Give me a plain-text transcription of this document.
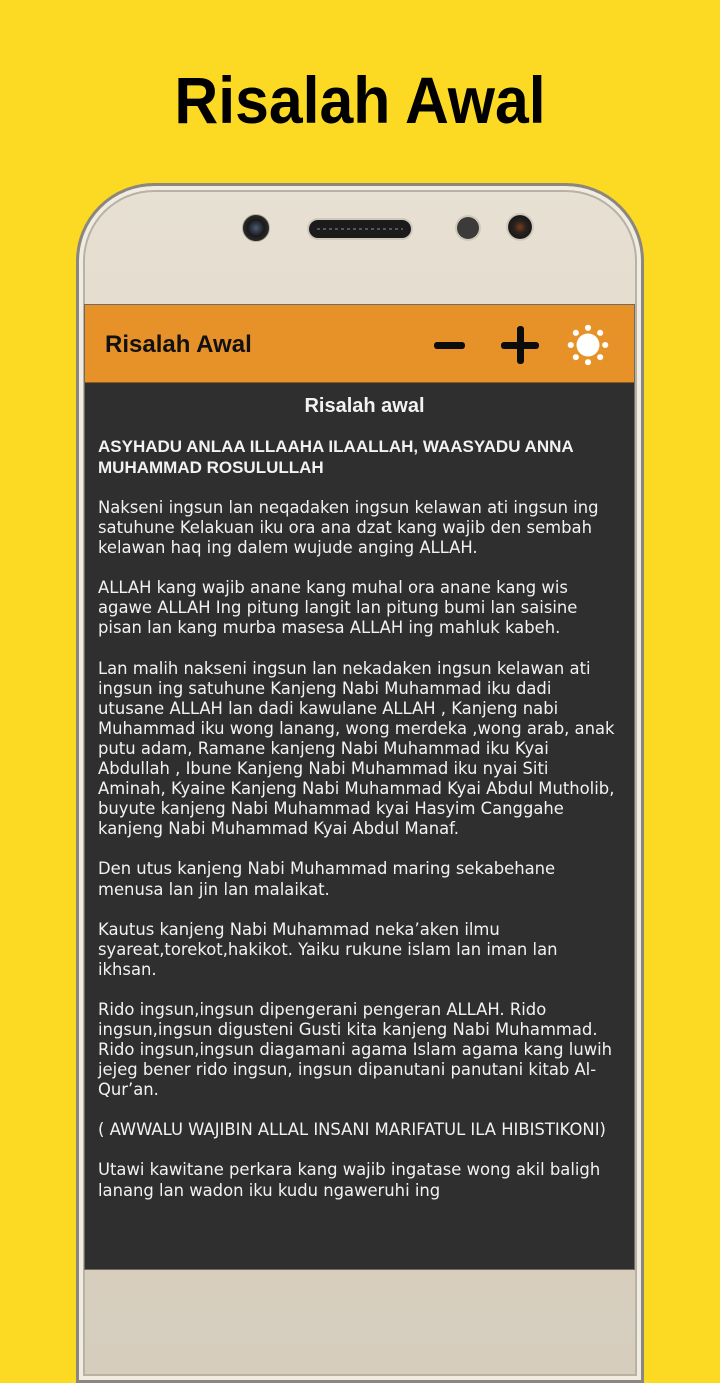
Risalah Awal
Risalah Awal
Risalah awal
ASYHADU ANLAA ILLAAHA ILAALLAH, WAASYADU ANNA MUHAMMAD ROSULULLAH
Nakseni ingsun lan neqadaken ingsun kelawan ati ingsun ing satuhune Kelakuan iku ora ana dzat kang wajib den sembah kelawan haq ing dalem wujude anging ALLAH.
ALLAH kang wajib anane kang muhal ora anane kang wis agawe ALLAH Ing pitung langit lan pitung bumi lan saisine pisan lan kang murba masesa ALLAH ing mahluk kabeh.
Lan malih nakseni ingsun lan nekadaken ingsun kelawan ati ingsun ing satuhune Kanjeng Nabi Muhammad iku dadi utusane ALLAH lan dadi kawulane ALLAH , Kanjeng nabi Muhammad iku wong lanang, wong merdeka ,wong arab, anak putu adam, Ramane kanjeng Nabi Muhammad iku Kyai Abdullah , Ibune Kanjeng Nabi Muhammad iku nyai Siti Aminah, Kyaine Kanjeng Nabi Muhammad Kyai Abdul Mutholib, buyute kanjeng Nabi Muhammad kyai Hasyim Canggahe kanjeng Nabi Muhammad Kyai Abdul Manaf.
Den utus kanjeng Nabi Muhammad maring sekabehane menusa lan jin lan malaikat.
Kautus kanjeng Nabi Muhammad neka’aken ilmu syareat,torekot,hakikot. Yaiku rukune islam lan iman lan ikhsan.
Rido ingsun,ingsun dipengerani pengeran ALLAH. Rido ingsun,ingsun digusteni Gusti kita kanjeng Nabi Muhammad. Rido ingsun,ingsun diagamani agama Islam agama kang luwih jejeg bener rido ingsun, ingsun dipanutani panutani kitab Al-Qur’an.
( AWWALU WAJIBIN ALLAL INSANI MARIFATUL ILA HIBISTIKONI)
Utawi kawitane perkara kang wajib ingatase wong akil baligh lanang lan wadon iku kudu ngaweruhi ing
